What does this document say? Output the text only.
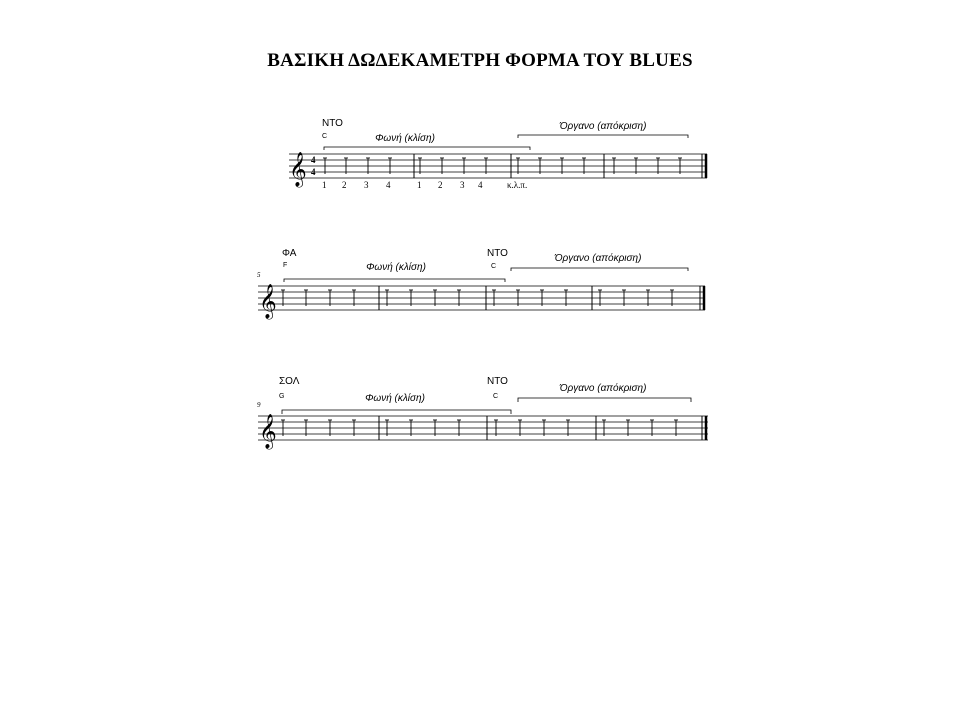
ΒΑΣΙΚΗ ΔΩΔΕΚΑΜΕΤΡΗ ΦΟΡΜΑ ΤΟΥ BLUES
ΝΤΟ
C	Φωνή (κλίση)
Όργανο (απόκριση)
𝄞 4
4
1 2 3 4	1 2 3 4	κ.λ.π.
5
ΦΑ
F
ΝΤΟ
C
Φωνή (κλίση)
Όργανο (απόκριση)
𝄞
9
ΣΟΛ
G
ΝΤΟ
C
Φωνή (κλίση)
Όργανο (απόκριση)
𝄞
